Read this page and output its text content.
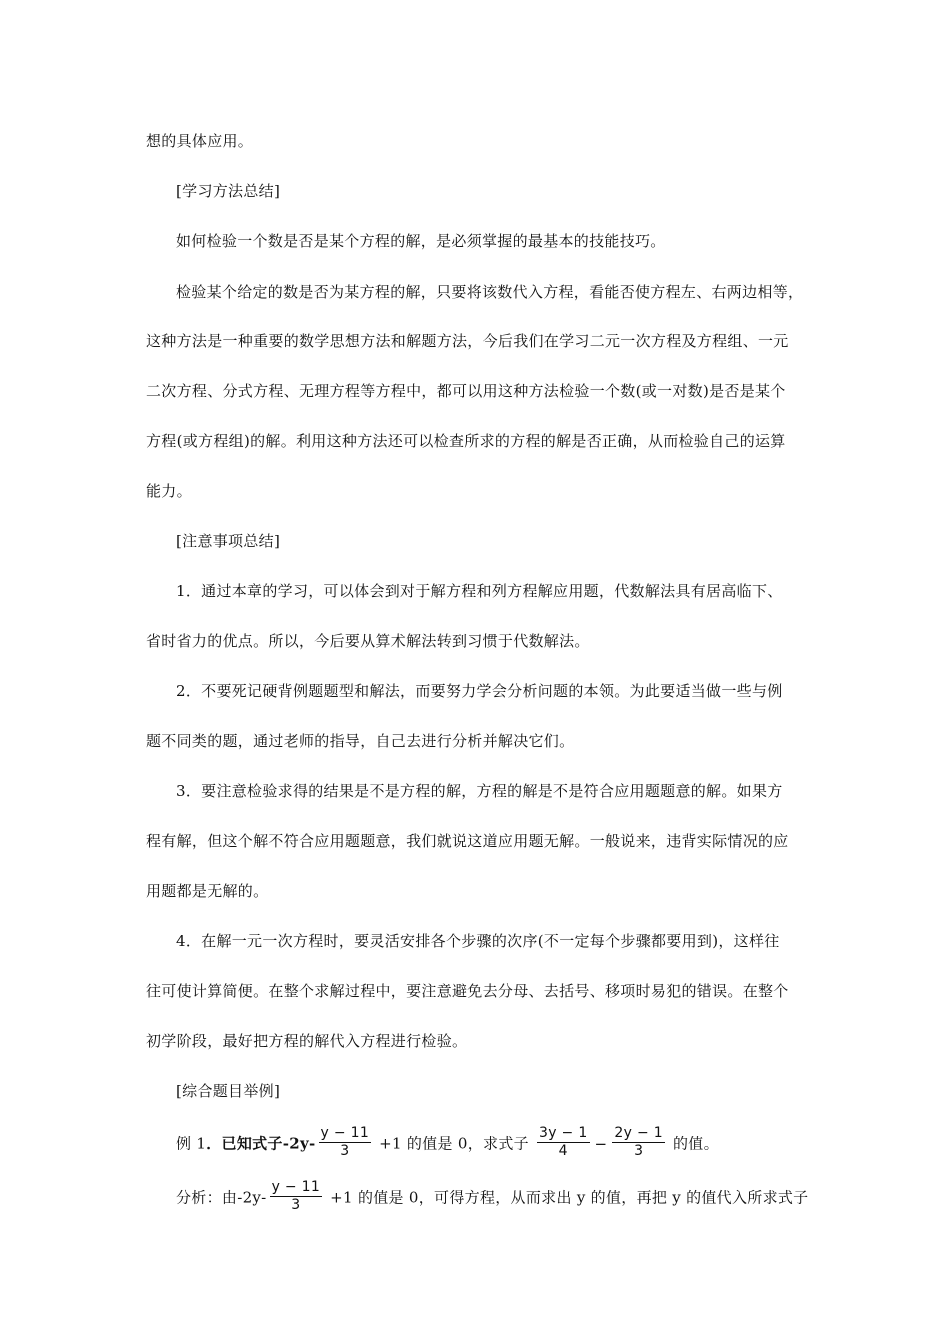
想的具体应用。
[学习方法总结]
如何检验一个数是否是某个方程的解，是必须掌握的最基本的技能技巧。
检验某个给定的数是否为某方程的解，只要将该数代入方程，看能否使方程左、右两边相等，
这种方法是一种重要的数学思想方法和解题方法，今后我们在学习二元一次方程及方程组、一元
二次方程、分式方程、无理方程等方程中，都可以用这种方法检验一个数(或一对数)是否是某个
方程(或方程组)的解。利用这种方法还可以检查所求的方程的解是否正确，从而检验自己的运算
能力。
[注意事项总结]
1．通过本章的学习，可以体会到对于解方程和列方程解应用题，代数解法具有居高临下、
省时省力的优点。所以，今后要从算术解法转到习惯于代数解法。
2．不要死记硬背例题题型和解法，而要努力学会分析问题的本领。为此要适当做一些与例
题不同类的题，通过老师的指导，自己去进行分析并解决它们。
3．要注意检验求得的结果是不是方程的解，方程的解是不是符合应用题题意的解。如果方
程有解，但这个解不符合应用题题意，我们就说这道应用题无解。一般说来，违背实际情况的应
用题都是无解的。
4．在解一元一次方程时，要灵活安排各个步骤的次序(不一定每个步骤都要用到)，这样往
往可使计算简便。在整个求解过程中，要注意避免去分母、去括号、移项时易犯的错误。在整个
初学阶段，最好把方程的解代入方程进行检验。
[综合题目举例]
例 1．已知式子$-2y- \frac{y - 11}{3} +1$ 的值是 0，求式子 $\frac{3y - 1}{4} - \frac{2y - 1}{3}$ 的值。
分析：由$-2y- \frac{y - 11}{3} +1$ 的值是 0，可得方程，从而求出 y 的值，再把 y 的值代入所求式子
